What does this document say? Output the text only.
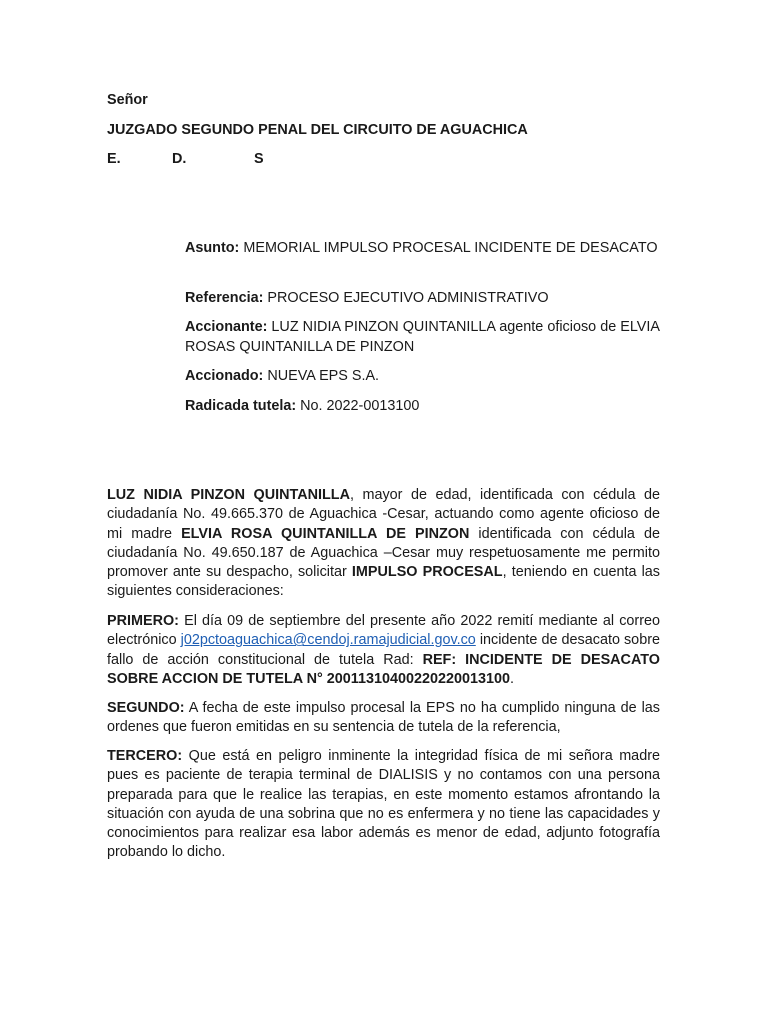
Señor
JUZGADO SEGUNDO PENAL DEL CIRCUITO DE AGUACHICA
E.	D.	S
Asunto: MEMORIAL IMPULSO PROCESAL INCIDENTE DE DESACATO
Referencia: PROCESO EJECUTIVO ADMINISTRATIVO
Accionante: LUZ NIDIA PINZON QUINTANILLA agente oficioso de ELVIA ROSAS QUINTANILLA DE PINZON
Accionado: NUEVA EPS S.A.
Radicada tutela: No. 2022-0013100
LUZ NIDIA PINZON QUINTANILLA, mayor de edad, identificada con cédula de ciudadanía No. 49.665.370 de Aguachica -Cesar, actuando como agente oficioso de mi madre ELVIA ROSA QUINTANILLA DE PINZON identificada con cédula de ciudadanía No. 49.650.187 de Aguachica –Cesar muy respetuosamente me permito promover ante su despacho, solicitar IMPULSO PROCESAL, teniendo en cuenta las siguientes consideraciones:
PRIMERO: El día 09 de septiembre del presente año 2022 remití mediante al correo electrónico j02pctoaguachica@cendoj.ramajudicial.gov.co incidente de desacato sobre fallo de acción constitucional de tutela Rad: REF: INCIDENTE DE DESACATO SOBRE ACCION DE TUTELA N° 20011310400220220013100.
SEGUNDO: A fecha de este impulso procesal la EPS no ha cumplido ninguna de las ordenes que fueron emitidas en su sentencia de tutela de la referencia,
TERCERO: Que está en peligro inminente la integridad física de mi señora madre pues es paciente de terapia terminal de DIALISIS y no contamos con una persona preparada para que le realice las terapias, en este momento estamos afrontando la situación con ayuda de una sobrina que no es enfermera y no tiene las capacidades y conocimientos para realizar esa labor además es menor de edad, adjunto fotografía probando lo dicho.
